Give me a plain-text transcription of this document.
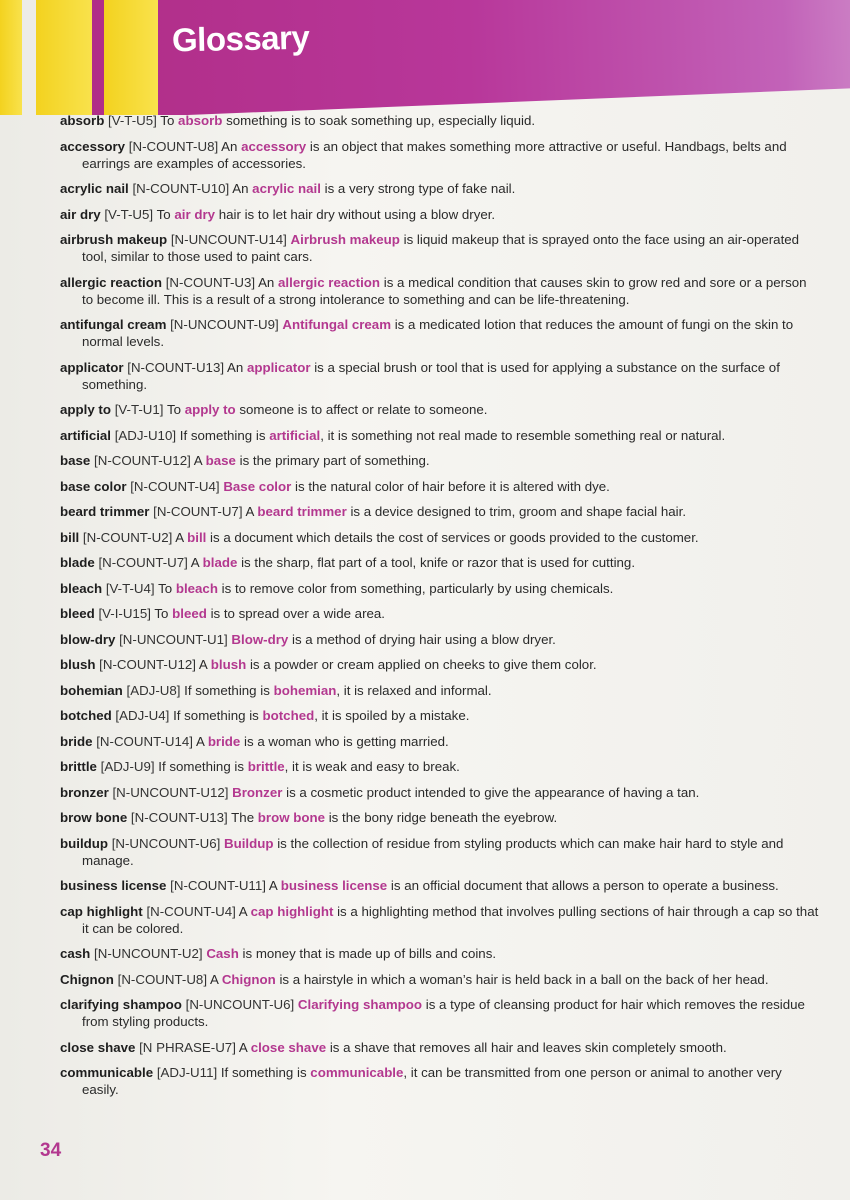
Glossary

absorb [V-T-U5] To absorb something is to soak something up, especially liquid.

accessory [N-COUNT-U8] An accessory is an object that makes something more attractive or useful. Handbags, belts and earrings are examples of accessories.

acrylic nail [N-COUNT-U10] An acrylic nail is a very strong type of fake nail.

air dry [V-T-U5] To air dry hair is to let hair dry without using a blow dryer.

airbrush makeup [N-UNCOUNT-U14] Airbrush makeup is liquid makeup that is sprayed onto the face using an air-operated tool, similar to those used to paint cars.

allergic reaction [N-COUNT-U3] An allergic reaction is a medical condition that causes skin to grow red and sore or a person to become ill. This is a result of a strong intolerance to something and can be life-threatening.

antifungal cream [N-UNCOUNT-U9] Antifungal cream is a medicated lotion that reduces the amount of fungi on the skin to normal levels.

applicator [N-COUNT-U13] An applicator is a special brush or tool that is used for applying a substance on the surface of something.

apply to [V-T-U1] To apply to someone is to affect or relate to someone.

artificial [ADJ-U10] If something is artificial, it is something not real made to resemble something real or natural.

base [N-COUNT-U12] A base is the primary part of something.

base color [N-COUNT-U4] Base color is the natural color of hair before it is altered with dye.

beard trimmer [N-COUNT-U7] A beard trimmer is a device designed to trim, groom and shape facial hair.

bill [N-COUNT-U2] A bill is a document which details the cost of services or goods provided to the customer.

blade [N-COUNT-U7] A blade is the sharp, flat part of a tool, knife or razor that is used for cutting.

bleach [V-T-U4] To bleach is to remove color from something, particularly by using chemicals.

bleed [V-I-U15] To bleed is to spread over a wide area.

blow-dry [N-UNCOUNT-U1] Blow-dry is a method of drying hair using a blow dryer.

blush [N-COUNT-U12] A blush is a powder or cream applied on cheeks to give them color.

bohemian [ADJ-U8] If something is bohemian, it is relaxed and informal.

botched [ADJ-U4] If something is botched, it is spoiled by a mistake.

bride [N-COUNT-U14] A bride is a woman who is getting married.

brittle [ADJ-U9] If something is brittle, it is weak and easy to break.

bronzer [N-UNCOUNT-U12] Bronzer is a cosmetic product intended to give the appearance of having a tan.

brow bone [N-COUNT-U13] The brow bone is the bony ridge beneath the eyebrow.

buildup [N-UNCOUNT-U6] Buildup is the collection of residue from styling products which can make hair hard to style and manage.

business license [N-COUNT-U11] A business license is an official document that allows a person to operate a business.

cap highlight [N-COUNT-U4] A cap highlight is a highlighting method that involves pulling sections of hair through a cap so that it can be colored.

cash [N-UNCOUNT-U2] Cash is money that is made up of bills and coins.

Chignon [N-COUNT-U8] A Chignon is a hairstyle in which a woman’s hair is held back in a ball on the back of her head.

clarifying shampoo [N-UNCOUNT-U6] Clarifying shampoo is a type of cleansing product for hair which removes the residue from styling products.

close shave [N PHRASE-U7] A close shave is a shave that removes all hair and leaves skin completely smooth.

communicable [ADJ-U11] If something is communicable, it can be transmitted from one person or animal to another very easily.

34
